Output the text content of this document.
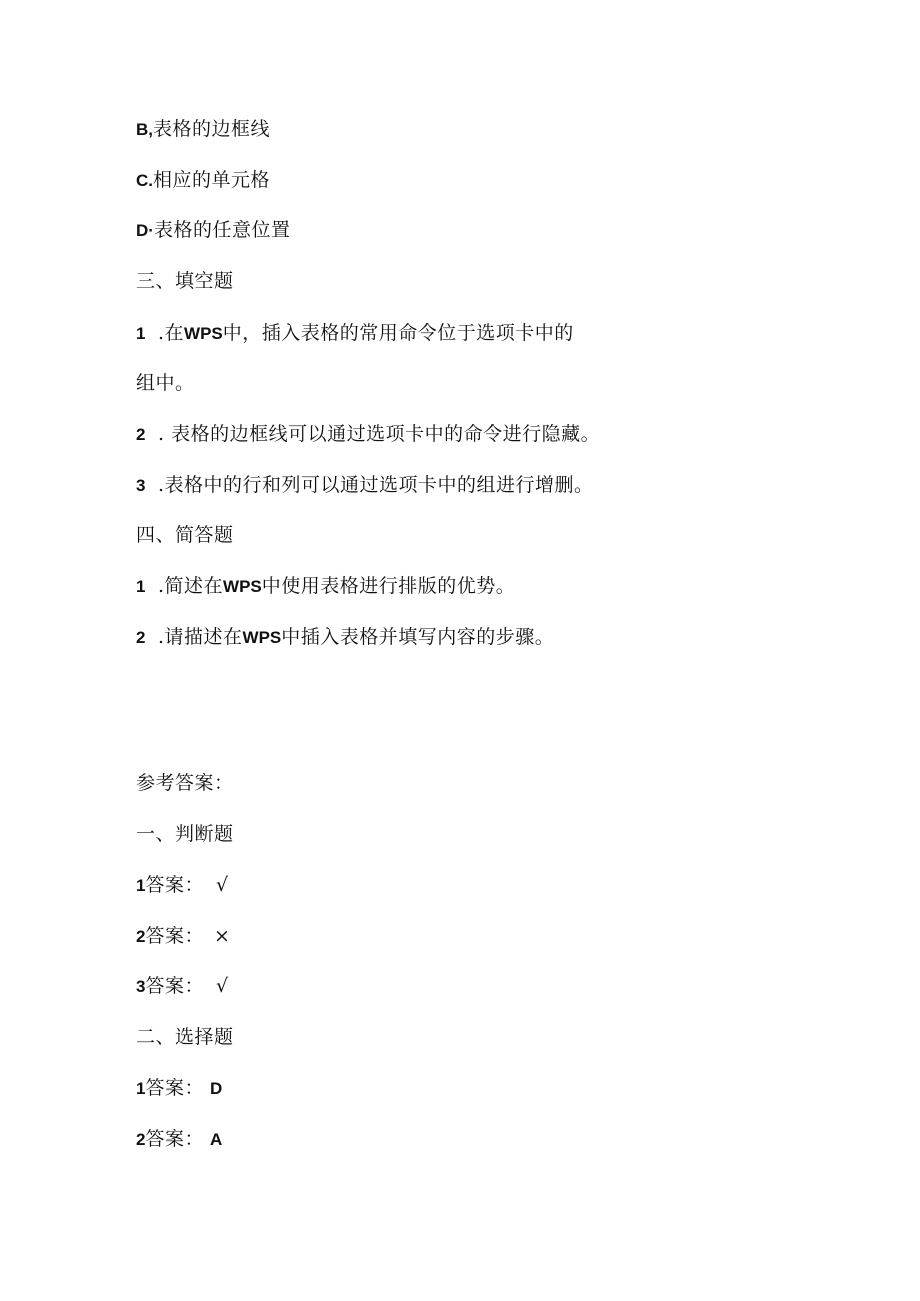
B,表格的边框线
C.相应的单元格
D·表格的任意位置
三、填空题
1 .在WPS中，插入表格的常用命令位于选项卡中的
组中。
2 . 表格的边框线可以通过选项卡中的命令进行隐藏。
3 .表格中的行和列可以通过选项卡中的组进行增删。
四、简答题
1 .简述在WPS中使用表格进行排版的优势。
2 .请描述在WPS中插入表格并填写内容的步骤。
参考答案：
一、判断题
1答案： √
2答案： ×
3答案： √
二、选择题
1答案： D
2答案： A
